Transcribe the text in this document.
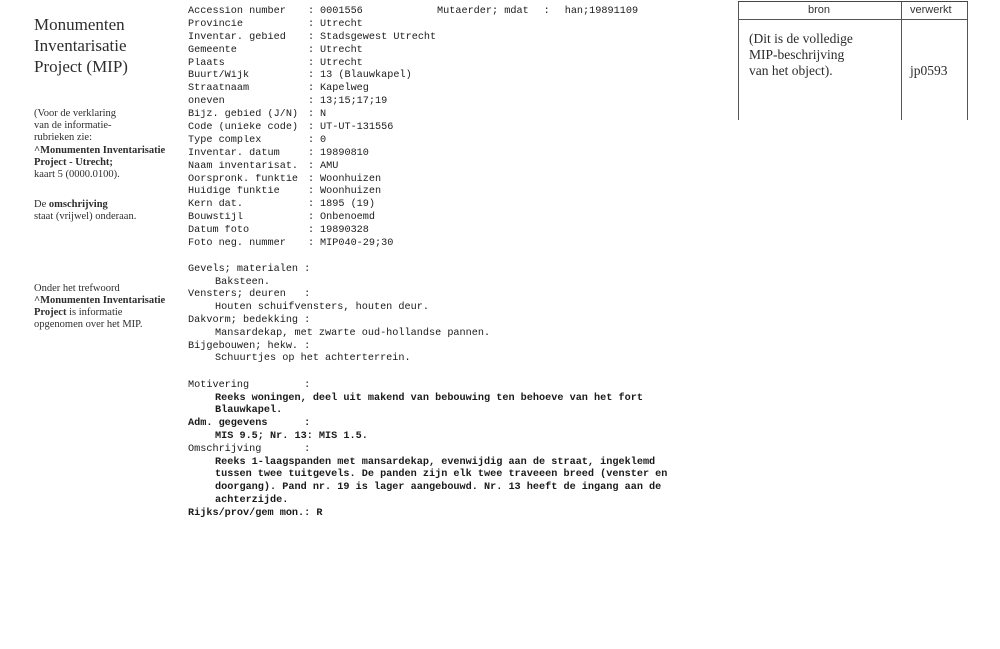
Monumenten
Inventarisatie
Project (MIP)
(Voor de verklaring
van de informatie-
rubrieken zie:
^Monumenten Inventarisatie
Project - Utrecht;
kaart 5 (0000.0100).
De omschrijving
staat (vrijwel) onderaan.
Onder het trefwoord
^Monumenten Inventarisatie
Project is informatie
opgenomen over het MIP.
Mutaerder; mdat	:	han;19891109
Accession number	: 0001556
Provincie	: Utrecht
Inventar. gebied	: Stadsgewest Utrecht
Gemeente	: Utrecht
Plaats	: Utrecht
Buurt/Wijk	: 13 (Blauwkapel)
Straatnaam	: Kapelweg
oneven	: 13;15;17;19
Bijz. gebied (J/N) : N
Code (unieke code) : UT-UT-131556
Type complex	: 0
Inventar. datum	: 19890810
Naam inventarisat. : AMU
Oorspronk. funktie : Woonhuizen
Huidige funktie	: Woonhuizen
Kern dat.	: 1895 (19)
Bouwstijl	: Onbenoemd
Datum foto	: 19890328
Foto neg. nummer	: MIP040-29;30
Gevels; materialen :
Baksteen.
Vensters; deuren   :
Houten schuifvensters, houten deur.
Dakvorm; bedekking :
Mansardekap, met zwarte oud-hollandse pannen.
Bijgebouwen; hekw. :
Schuurtjes op het achterterrein.
Motivering         :
Reeks woningen, deel uit makend van bebouwing ten behoeve van het fort
Blauwkapel.
Adm. gegevens      :
MIS 9.5; Nr. 13: MIS 1.5.
Omschrijving       :
Reeks 1-laagspanden met mansardekap, evenwijdig aan de straat, ingeklemd
tussen twee tuitgevels. De panden zijn elk twee traveeen breed (venster en
doorgang). Pand nr. 19 is lager aangebouwd. Nr. 13 heeft de ingang aan de
achterzijde.
Rijks/prov/gem mon.: R
bron	verwerkt
(Dit is de volledige
MIP-beschrijving
van het object).	jp0593
